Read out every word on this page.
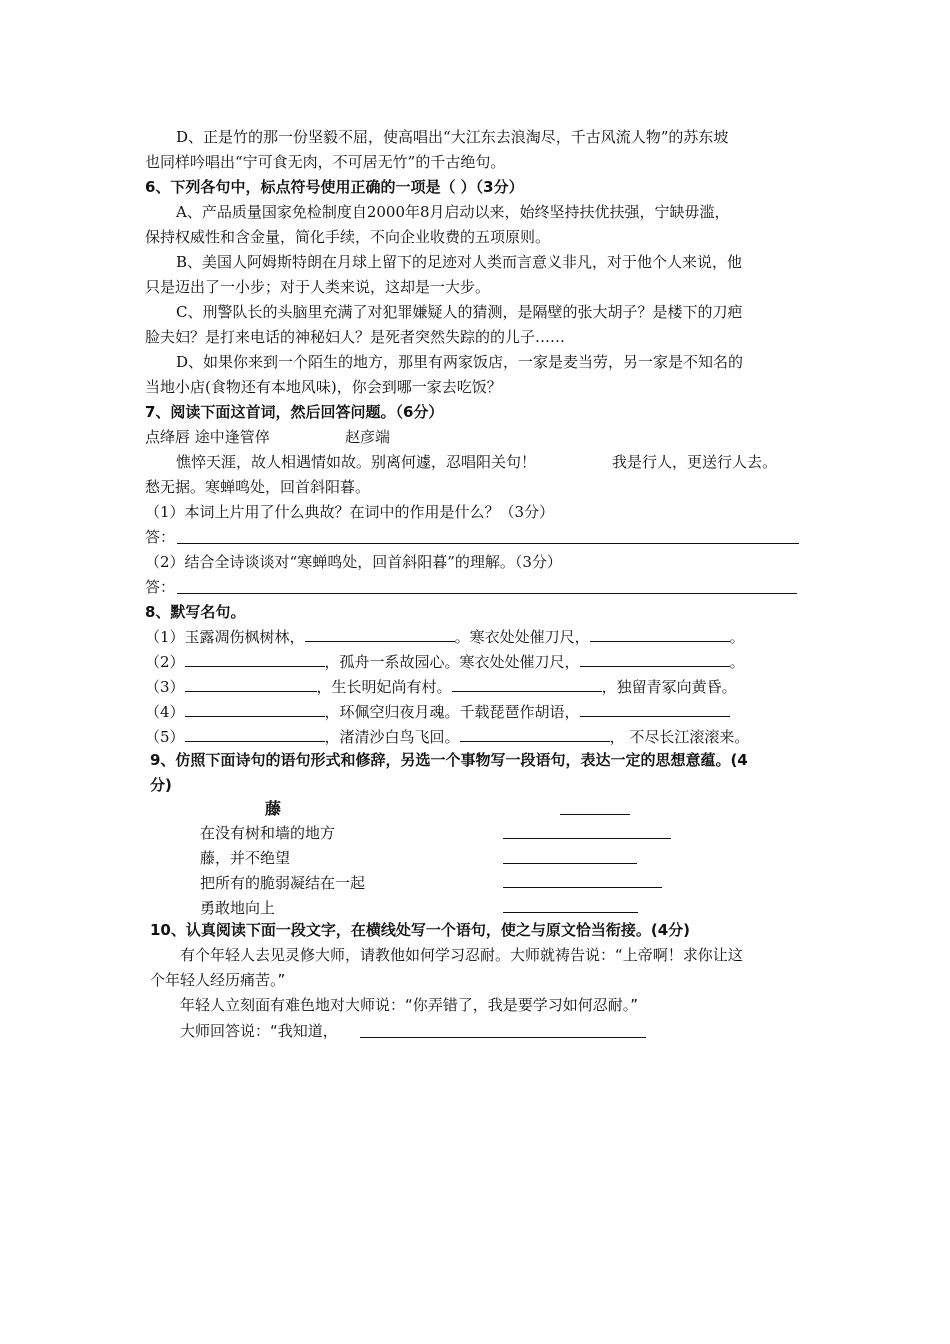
D、正是竹的那一份坚毅不屈，使高唱出“大江东去浪淘尽，千古风流人物”的苏东坡
也同样吟唱出“宁可食无肉，不可居无竹”的千古绝句。
6、下列各句中，标点符号使用正确的一项是（ ）（3分）
A、产品质量国家免检制度自2000年8月启动以来，始终坚持扶优扶强，宁缺毋滥，
保持权威性和含金量，简化手续，不向企业收费的五项原则。
B、美国人阿姆斯特朗在月球上留下的足迹对人类而言意义非凡，对于他个人来说，他
只是迈出了一小步；对于人类来说，这却是一大步。
C、刑警队长的头脑里充满了对犯罪嫌疑人的猜测，是隔壁的张大胡子？是楼下的刀疤
脸夫妇？是打来电话的神秘妇人？是死者突然失踪的的儿子……
D、如果你来到一个陌生的地方，那里有两家饭店，一家是麦当劳，另一家是不知名的
当地小店(食物还有本地风味)，你会到哪一家去吃饭？
7、阅读下面这首词，然后回答问题。（6分）
点绛唇 途中逢管倅	赵彦端
憔悴天涯，故人相遇情如故。别离何遽，忍唱阳关句！	我是行人，更送行人去。
愁无据。寒蝉鸣处，回首斜阳暮。
（1）本词上片用了什么典故？在词中的作用是什么？（3分）
答：
（2）结合全诗谈谈对“寒蝉鸣处，回首斜阳暮”的理解。（3分）
答：
8、默写名句。
（1）玉露凋伤枫树林，	。寒衣处处催刀尺，	。
（2）	，孤舟一系故园心。寒衣处处催刀尺，	。
（3）	，生长明妃尚有村。	，独留青冢向黄昏。
（4）	，环佩空归夜月魂。千载琵琶作胡语，
（5）	，渚清沙白鸟飞回。	， 不尽长江滚滚来。
9、仿照下面诗句的语句形式和修辞，另选一个事物写一段语句，表达一定的思想意蕴。(4
分)
藤
在没有树和墙的地方
藤，并不绝望
把所有的脆弱凝结在一起
勇敢地向上
10、认真阅读下面一段文字，在横线处写一个语句，使之与原文恰当衔接。(4分)
有个年轻人去见灵修大师，请教他如何学习忍耐。大师就祷告说：“上帝啊！求你让这
个年轻人经历痛苦。”
年轻人立刻面有难色地对大师说：“你弄错了，我是要学习如何忍耐。”
大师回答说：“我知道，
